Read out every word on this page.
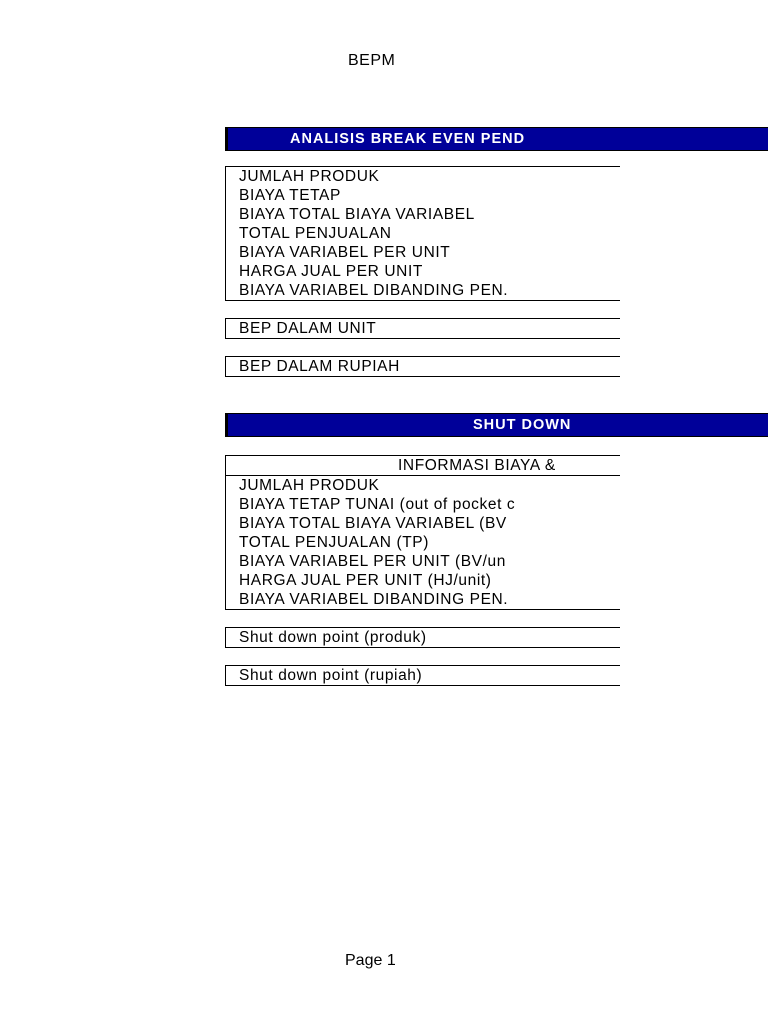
BEPM
ANALISIS BREAK EVEN PEND
JUMLAH PRODUK
BIAYA TETAP
BIAYA TOTAL BIAYA VARIABEL
TOTAL PENJUALAN
BIAYA VARIABEL PER UNIT
HARGA JUAL PER UNIT
BIAYA VARIABEL DIBANDING PEN.
BEP DALAM UNIT
BEP DALAM RUPIAH
SHUT DOWN
INFORMASI BIAYA &
JUMLAH PRODUK
BIAYA TETAP TUNAI (out of pocket c
BIAYA TOTAL BIAYA VARIABEL (BV
TOTAL PENJUALAN (TP)
BIAYA VARIABEL PER UNIT (BV/un
HARGA JUAL PER UNIT (HJ/unit)
BIAYA VARIABEL DIBANDING PEN.
Shut down point (produk)
Shut down point (rupiah)
Page 1
